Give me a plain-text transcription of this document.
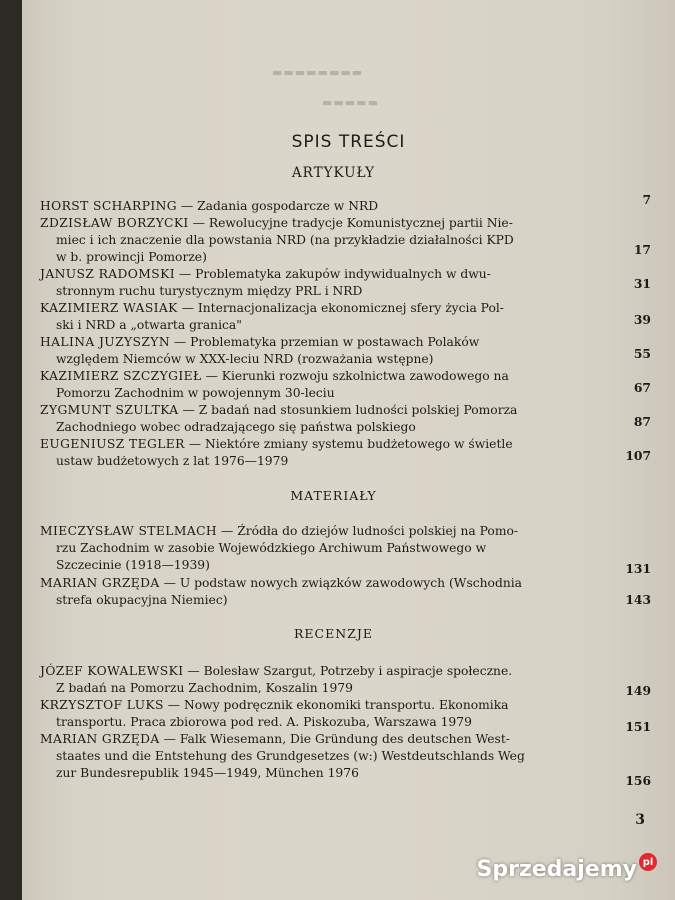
▬▬▬▬▬▬▬▬
▬▬▬▬▬
SPIS TREŚCI
ARTYKUŁY
HORST SCHARPING — Zadania gospodarcze w NRD	7
ZDZISŁAW BORZYCKI — Rewolucyjne tradycje Komunistycznej partii Nie-
miec i ich znaczenie dla powstania NRD (na przykładzie działalności KPD
w b. prowincji Pomorze)	17
JANUSZ RADOMSKI — Problematyka zakupów indywidualnych w dwu-
stronnym ruchu turystycznym między PRL i NRD	31
KAZIMIERZ WASIAK — Internacjonalizacja ekonomicznej sfery życia Pol-
ski i NRD a „otwarta granica"	39
HALINA JUZYSZYN — Problematyka przemian w postawach Polaków
względem Niemców w XXX-leciu NRD (rozważania wstępne)	55
KAZIMIERZ SZCZYGIEŁ — Kierunki rozwoju szkolnictwa zawodowego na
Pomorzu Zachodnim w powojennym 30-leciu	67
ZYGMUNT SZULTKA — Z badań nad stosunkiem ludności polskiej Pomorza
Zachodniego wobec odradzającego się państwa polskiego	87
EUGENIUSZ TEGLER — Niektóre zmiany systemu budżetowego w świetle
ustaw budżetowych z lat 1976—1979	107
MATERIAŁY
MIECZYSŁAW STELMACH — Źródła do dziejów ludności polskiej na Pomo-
rzu Zachodnim w zasobie Wojewódzkiego Archiwum Państwowego w
Szczecinie (1918—1939)	131
MARIAN GRZĘDA — U podstaw nowych związków zawodowych (Wschodnia
strefa okupacyjna Niemiec)	143
RECENZJE
JÓZEF KOWALEWSKI — Bolesław Szargut, Potrzeby i aspiracje społeczne.
Z badań na Pomorzu Zachodnim, Koszalin 1979	149
KRZYSZTOF LUKS — Nowy podręcznik ekonomiki transportu. Ekonomika
transportu. Praca zbiorowa pod red. A. Piskozuba, Warszawa 1979	151
MARIAN GRZĘDA — Falk Wiesemann, Die Gründung des deutschen West-
staates und die Entstehung des Grundgesetzes (w:) Westdeutschlands Weg
zur Bundesrepublik 1945—1949, München 1976	156
3
Sprzedajemy pl
